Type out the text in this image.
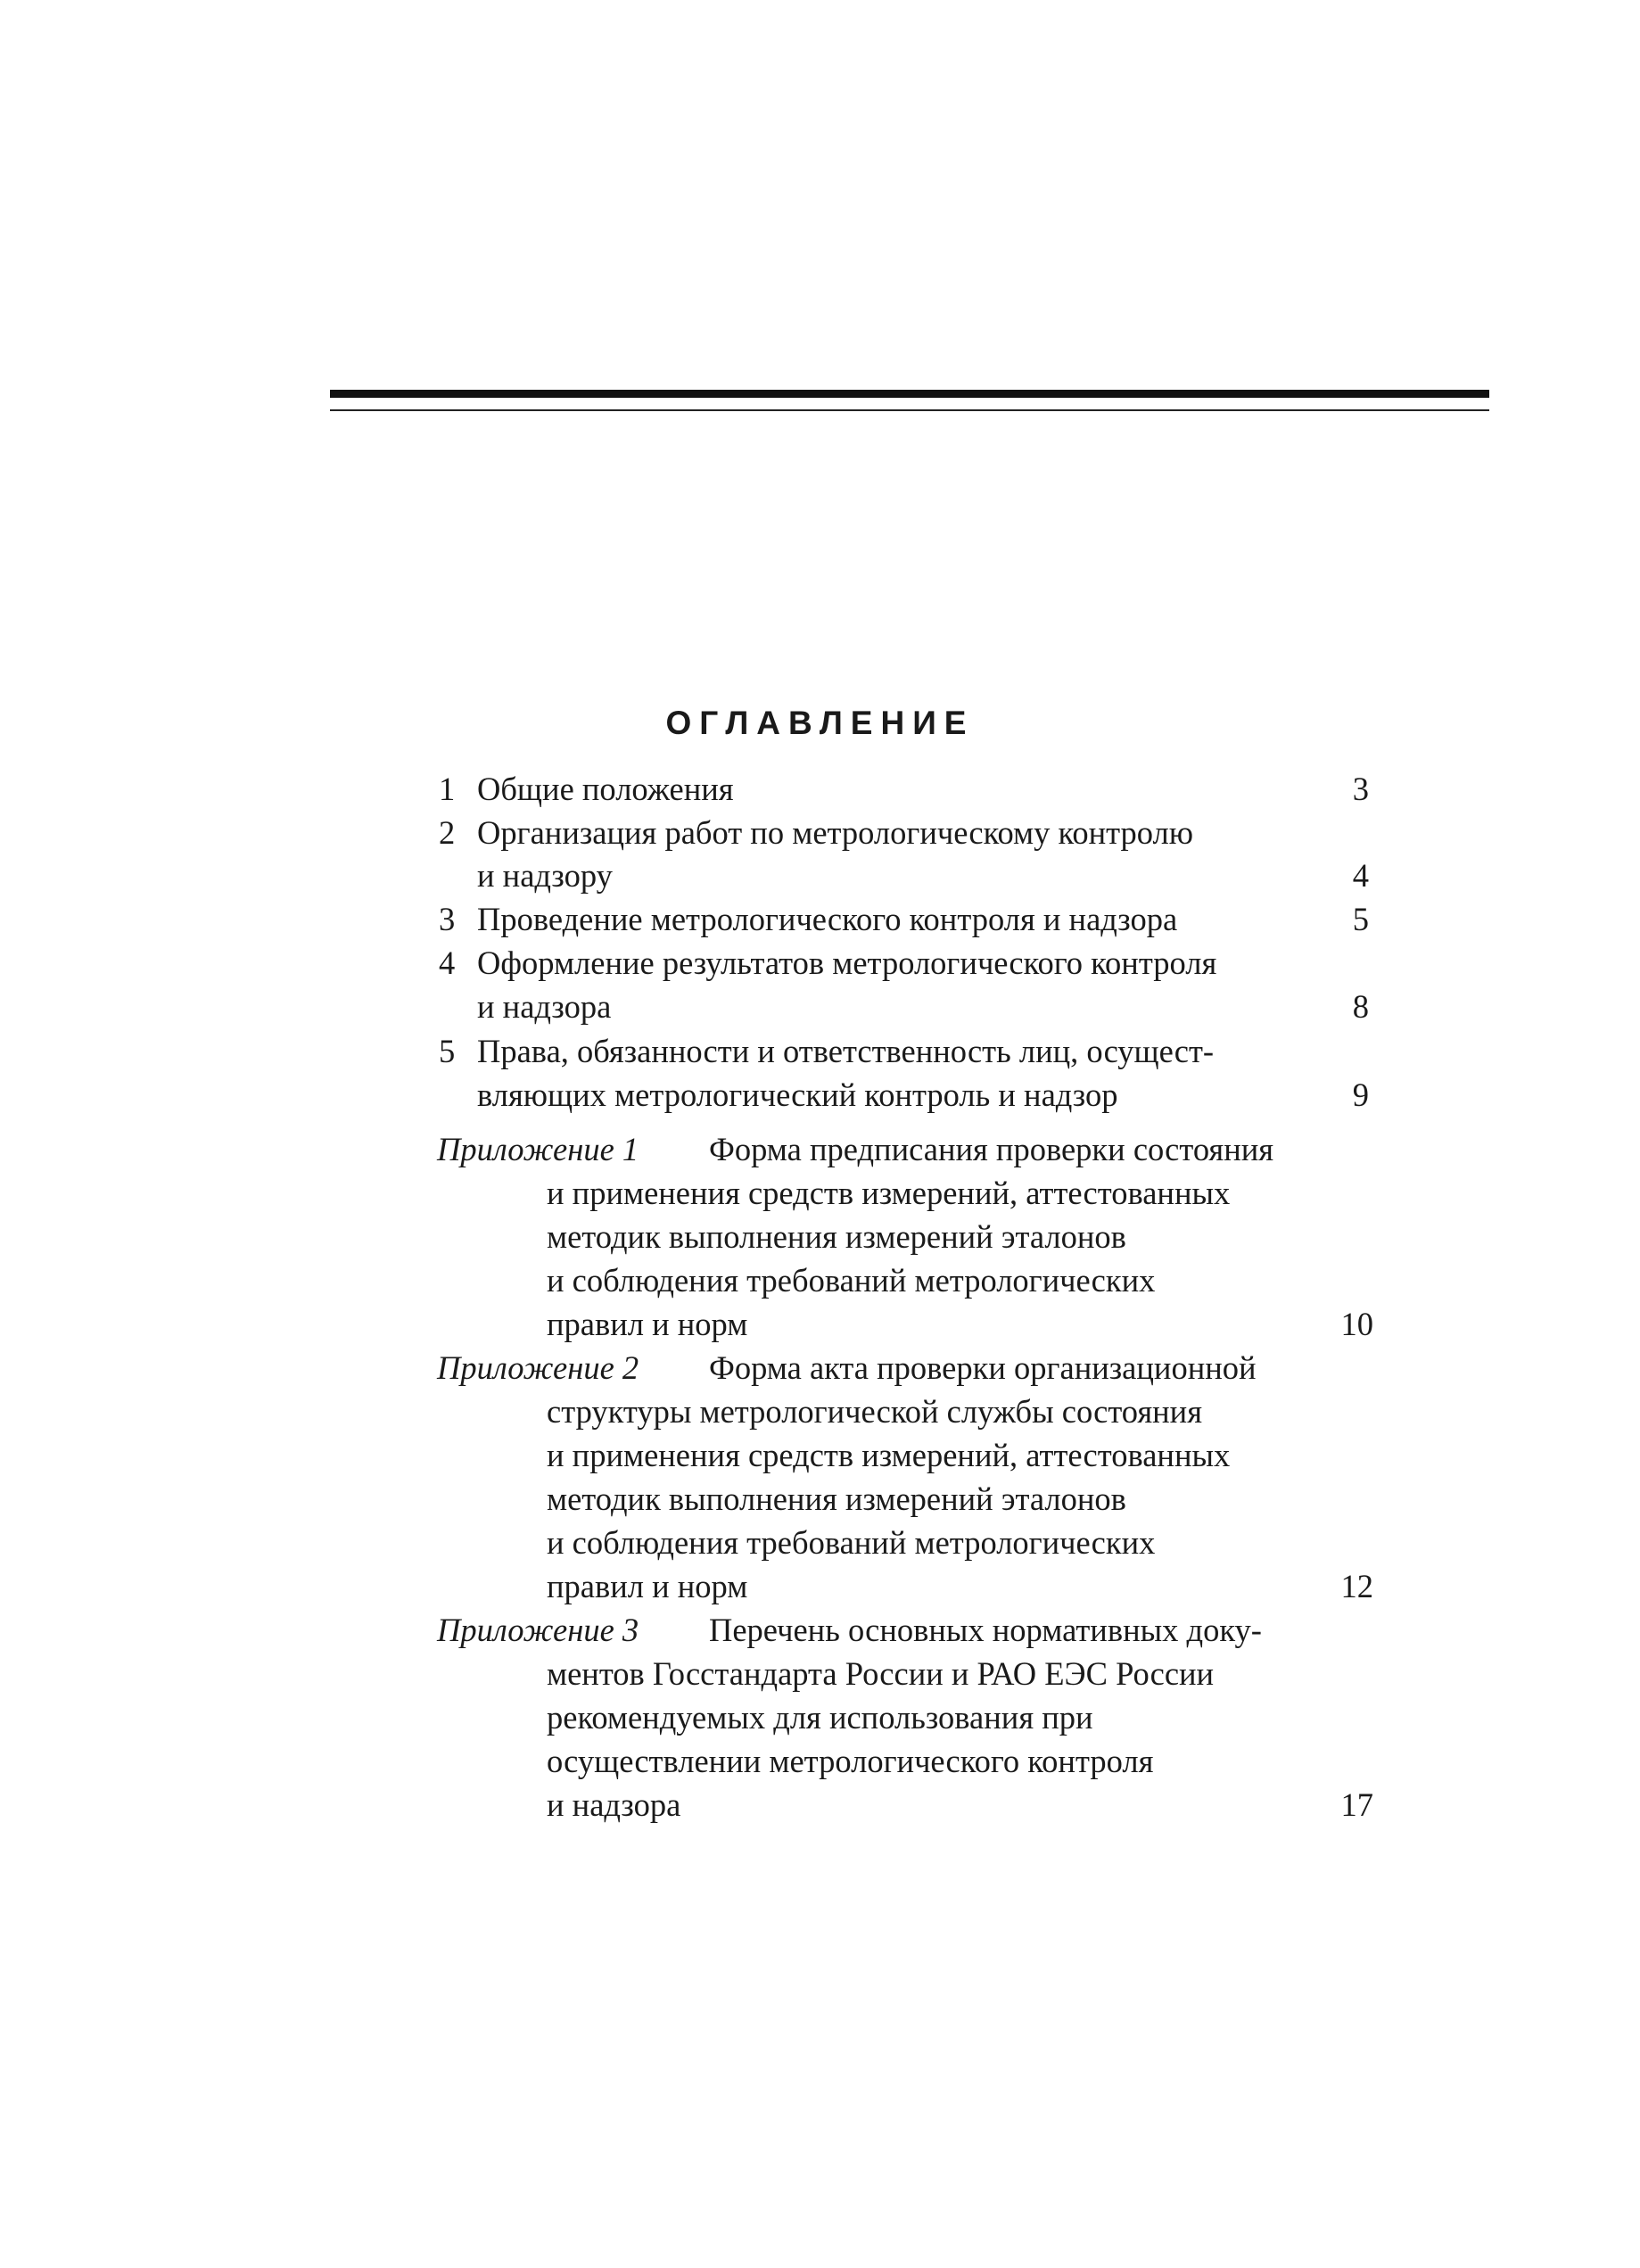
ОГЛАВЛЕНИЕ
1 Общие положения	3
2 Организация работ по метрологическому контролю
и надзору	4
3 Проведение метрологического контроля и надзора	5
4 Оформление результатов метрологического контроля
и надзора	8
5 Права, обязанности и ответственность лиц, осущест-
вляющих метрологический контроль и надзор	9
Приложение 1 Форма предписания проверки состояния
и применения средств измерений, аттестованных
методик выполнения измерений эталонов
и соблюдения требований метрологических
правил и норм	10
Приложение 2 Форма акта проверки организационной
структуры метрологической службы состояния
и применения средств измерений, аттестованных
методик выполнения измерений эталонов
и соблюдения требований метрологических
правил и норм	12
Приложение 3 Перечень основных нормативных доку-
ментов Госстандарта России и РАО ЕЭС России
рекомендуемых для использования при
осуществлении метрологического контроля
и надзора	17
